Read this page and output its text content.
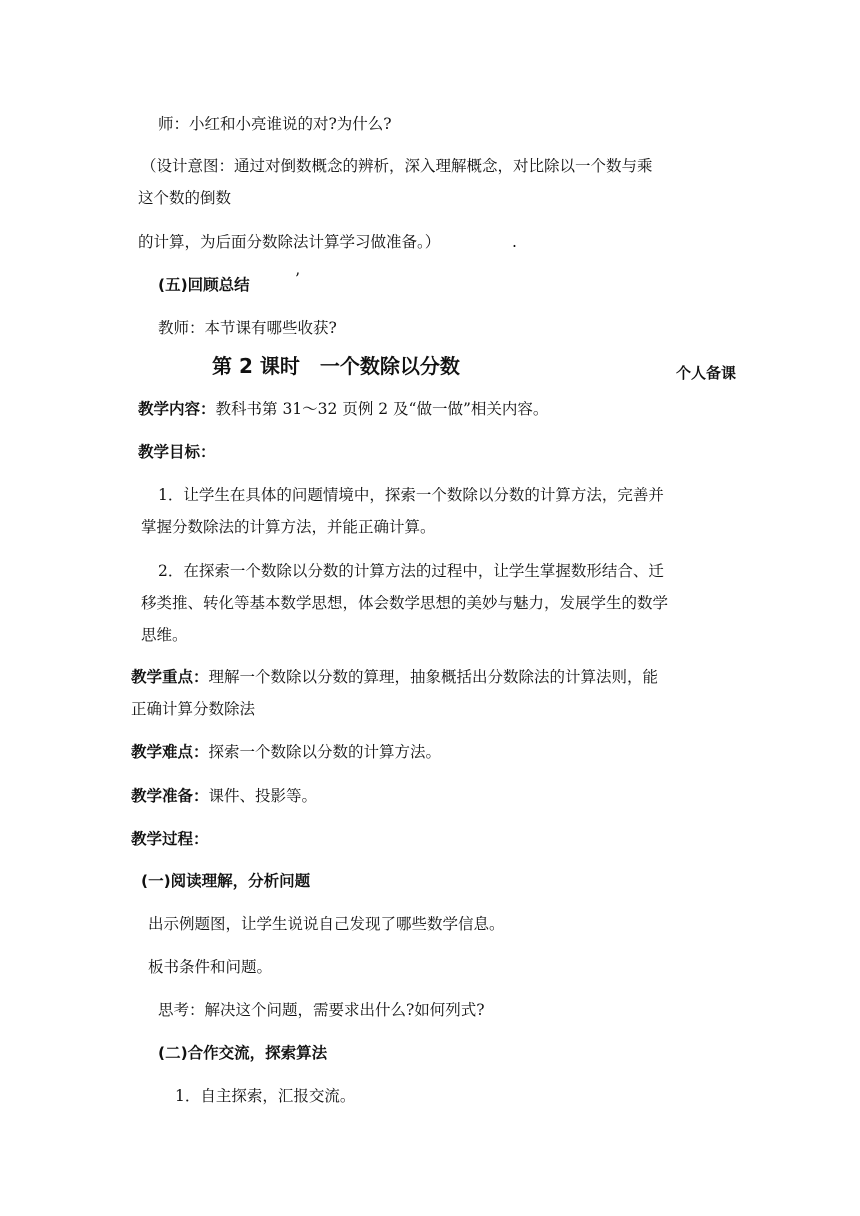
师：小红和小亮谁说的对?为什么?
（设计意图：通过对倒数概念的辨析，深入理解概念，对比除以一个数与乘
这个数的倒数
的计算，为后面分数除法计算学习做准备。）	.
(五)回顾总结	’
教师：本节课有哪些收获?
第 2 课时　一个数除以分数	个人备课
教学内容：教科书第 31～32 页例 2 及“做一做”相关内容。
教学目标：
1．让学生在具体的问题情境中，探索一个数除以分数的计算方法，完善并
掌握分数除法的计算方法，并能正确计算。
2．在探索一个数除以分数的计算方法的过程中，让学生掌握数形结合、迁
移类推、转化等基本数学思想，体会数学思想的美妙与魅力，发展学生的数学
思维。
教学重点：理解一个数除以分数的算理，抽象概括出分数除法的计算法则，能
正确计算分数除法
教学难点：探索一个数除以分数的计算方法。
教学准备：课件、投影等。
教学过程：
(一)阅读理解，分析问题
出示例题图，让学生说说自己发现了哪些数学信息。
板书条件和问题。
思考：解决这个问题，需要求出什么?如何列式?
(二)合作交流，探索算法
1．自主探索，汇报交流。
